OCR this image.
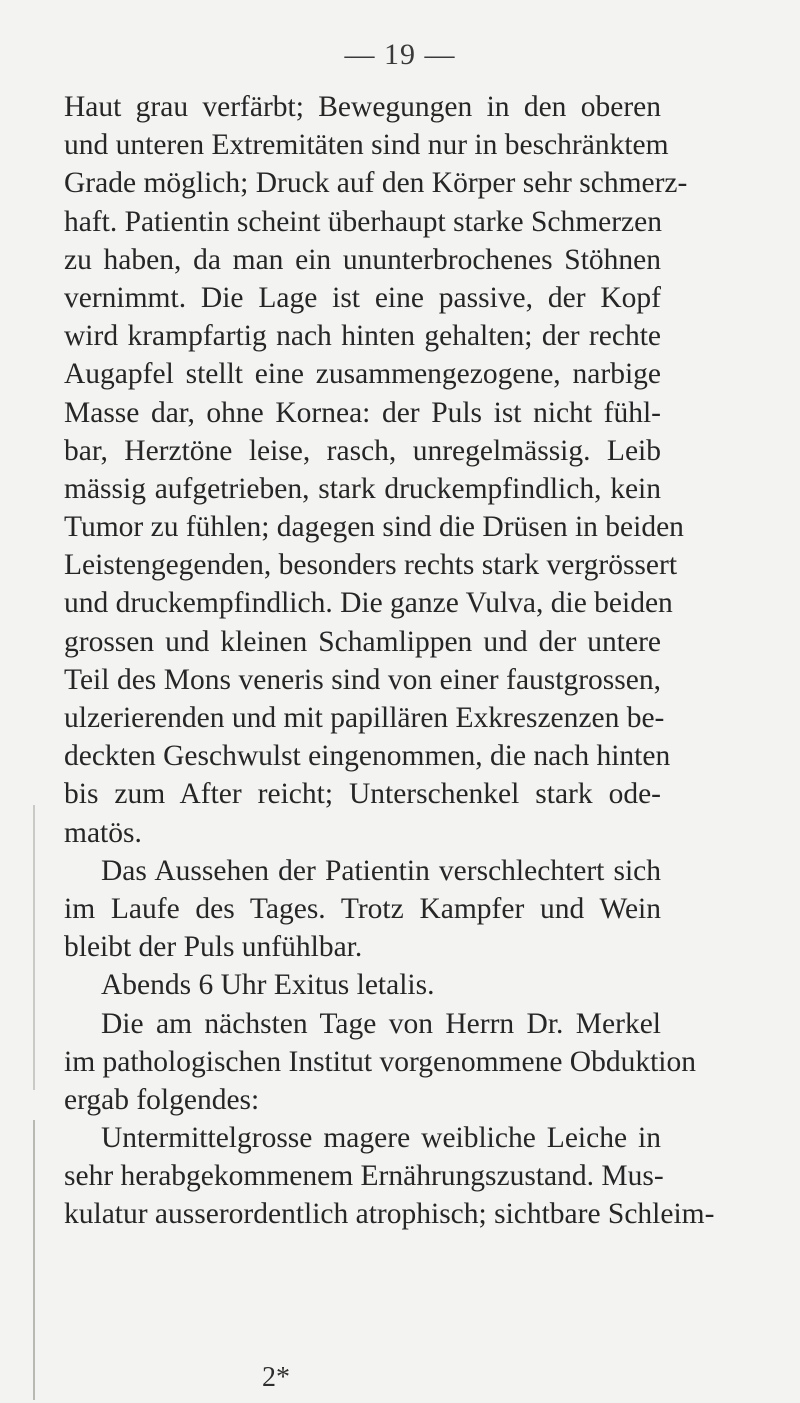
— 19 —
Haut grau verfärbt; Bewegungen in den oberen
und unteren Extremitäten sind nur in beschränktem
Grade möglich; Druck auf den Körper sehr schmerz-
haft. Patientin scheint überhaupt starke Schmerzen
zu haben, da man ein ununterbrochenes Stöhnen
vernimmt. Die Lage ist eine passive, der Kopf
wird krampfartig nach hinten gehalten; der rechte
Augapfel stellt eine zusammengezogene, narbige
Masse dar, ohne Kornea: der Puls ist nicht fühl-
bar, Herztöne leise, rasch, unregelmässig. Leib
mässig aufgetrieben, stark druckempfindlich, kein
Tumor zu fühlen; dagegen sind die Drüsen in beiden
Leistengegenden, besonders rechts stark vergrössert
und druckempfindlich. Die ganze Vulva, die beiden
grossen und kleinen Schamlippen und der untere
Teil des Mons veneris sind von einer faustgrossen,
ulzerierenden und mit papillären Exkreszenzen be-
deckten Geschwulst eingenommen, die nach hinten
bis zum After reicht; Unterschenkel stark ode-
matös.
Das Aussehen der Patientin verschlechtert sich
im Laufe des Tages. Trotz Kampfer und Wein
bleibt der Puls unfühlbar.
Abends 6 Uhr Exitus letalis.
Die am nächsten Tage von Herrn Dr. Merkel
im pathologischen Institut vorgenommene Obduktion
ergab folgendes:
Untermittelgrosse magere weibliche Leiche in
sehr herabgekommenem Ernährungszustand. Mus-
kulatur ausserordentlich atrophisch; sichtbare Schleim-
2*
